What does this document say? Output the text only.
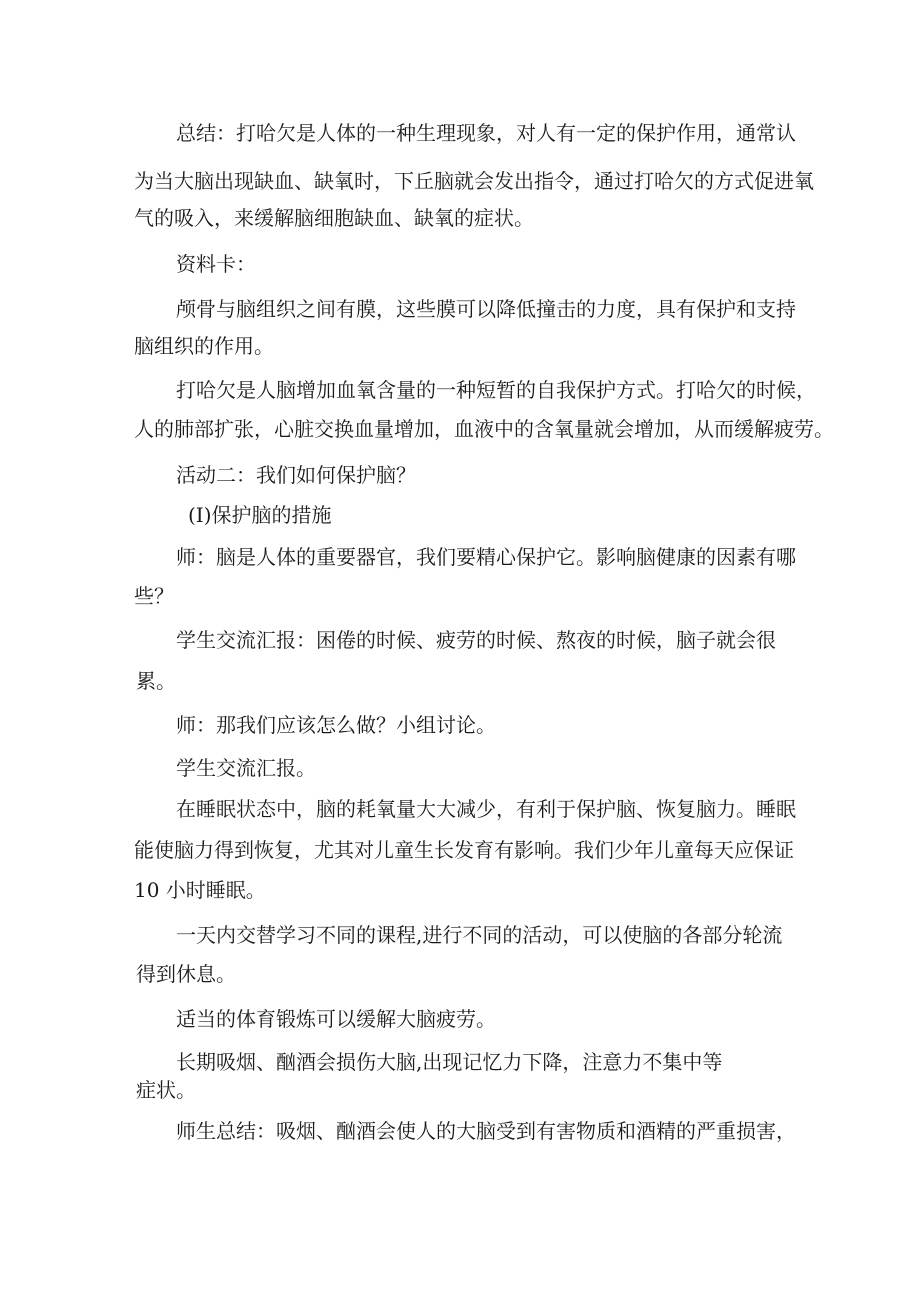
总结：打哈欠是人体的一种生理现象，对人有一定的保护作用，通常认
为当大脑出现缺血、缺氧时，下丘脑就会发出指令，通过打哈欠的方式促进氧
气的吸入，来缓解脑细胞缺血、缺氧的症状。
资料卡：
颅骨与脑组织之间有膜，这些膜可以降低撞击的力度，具有保护和支持
脑组织的作用。
打哈欠是人脑增加血氧含量的一种短暂的自我保护方式。打哈欠的时候，
人的肺部扩张，心脏交换血量增加，血液中的含氧量就会增加，从而缓解疲劳。
活动二：我们如何保护脑？
(I)保护脑的措施
师：脑是人体的重要器官，我们要精心保护它。影响脑健康的因素有哪
些？
学生交流汇报：困倦的时候、疲劳的时候、熬夜的时候，脑子就会很
累。
师：那我们应该怎么做？小组讨论。
学生交流汇报。
在睡眠状态中，脑的耗氧量大大减少，有利于保护脑、恢复脑力。睡眠
能使脑力得到恢复，尤其对儿童生长发育有影响。我们少年儿童每天应保证
10 小时睡眠。
一天内交替学习不同的课程,进行不同的活动，可以使脑的各部分轮流
得到休息。
适当的体育锻炼可以缓解大脑疲劳。
长期吸烟、酗酒会损伤大脑,出现记忆力下降，注意力不集中等
症状。
师生总结：吸烟、酗酒会使人的大脑受到有害物质和酒精的严重损害，
